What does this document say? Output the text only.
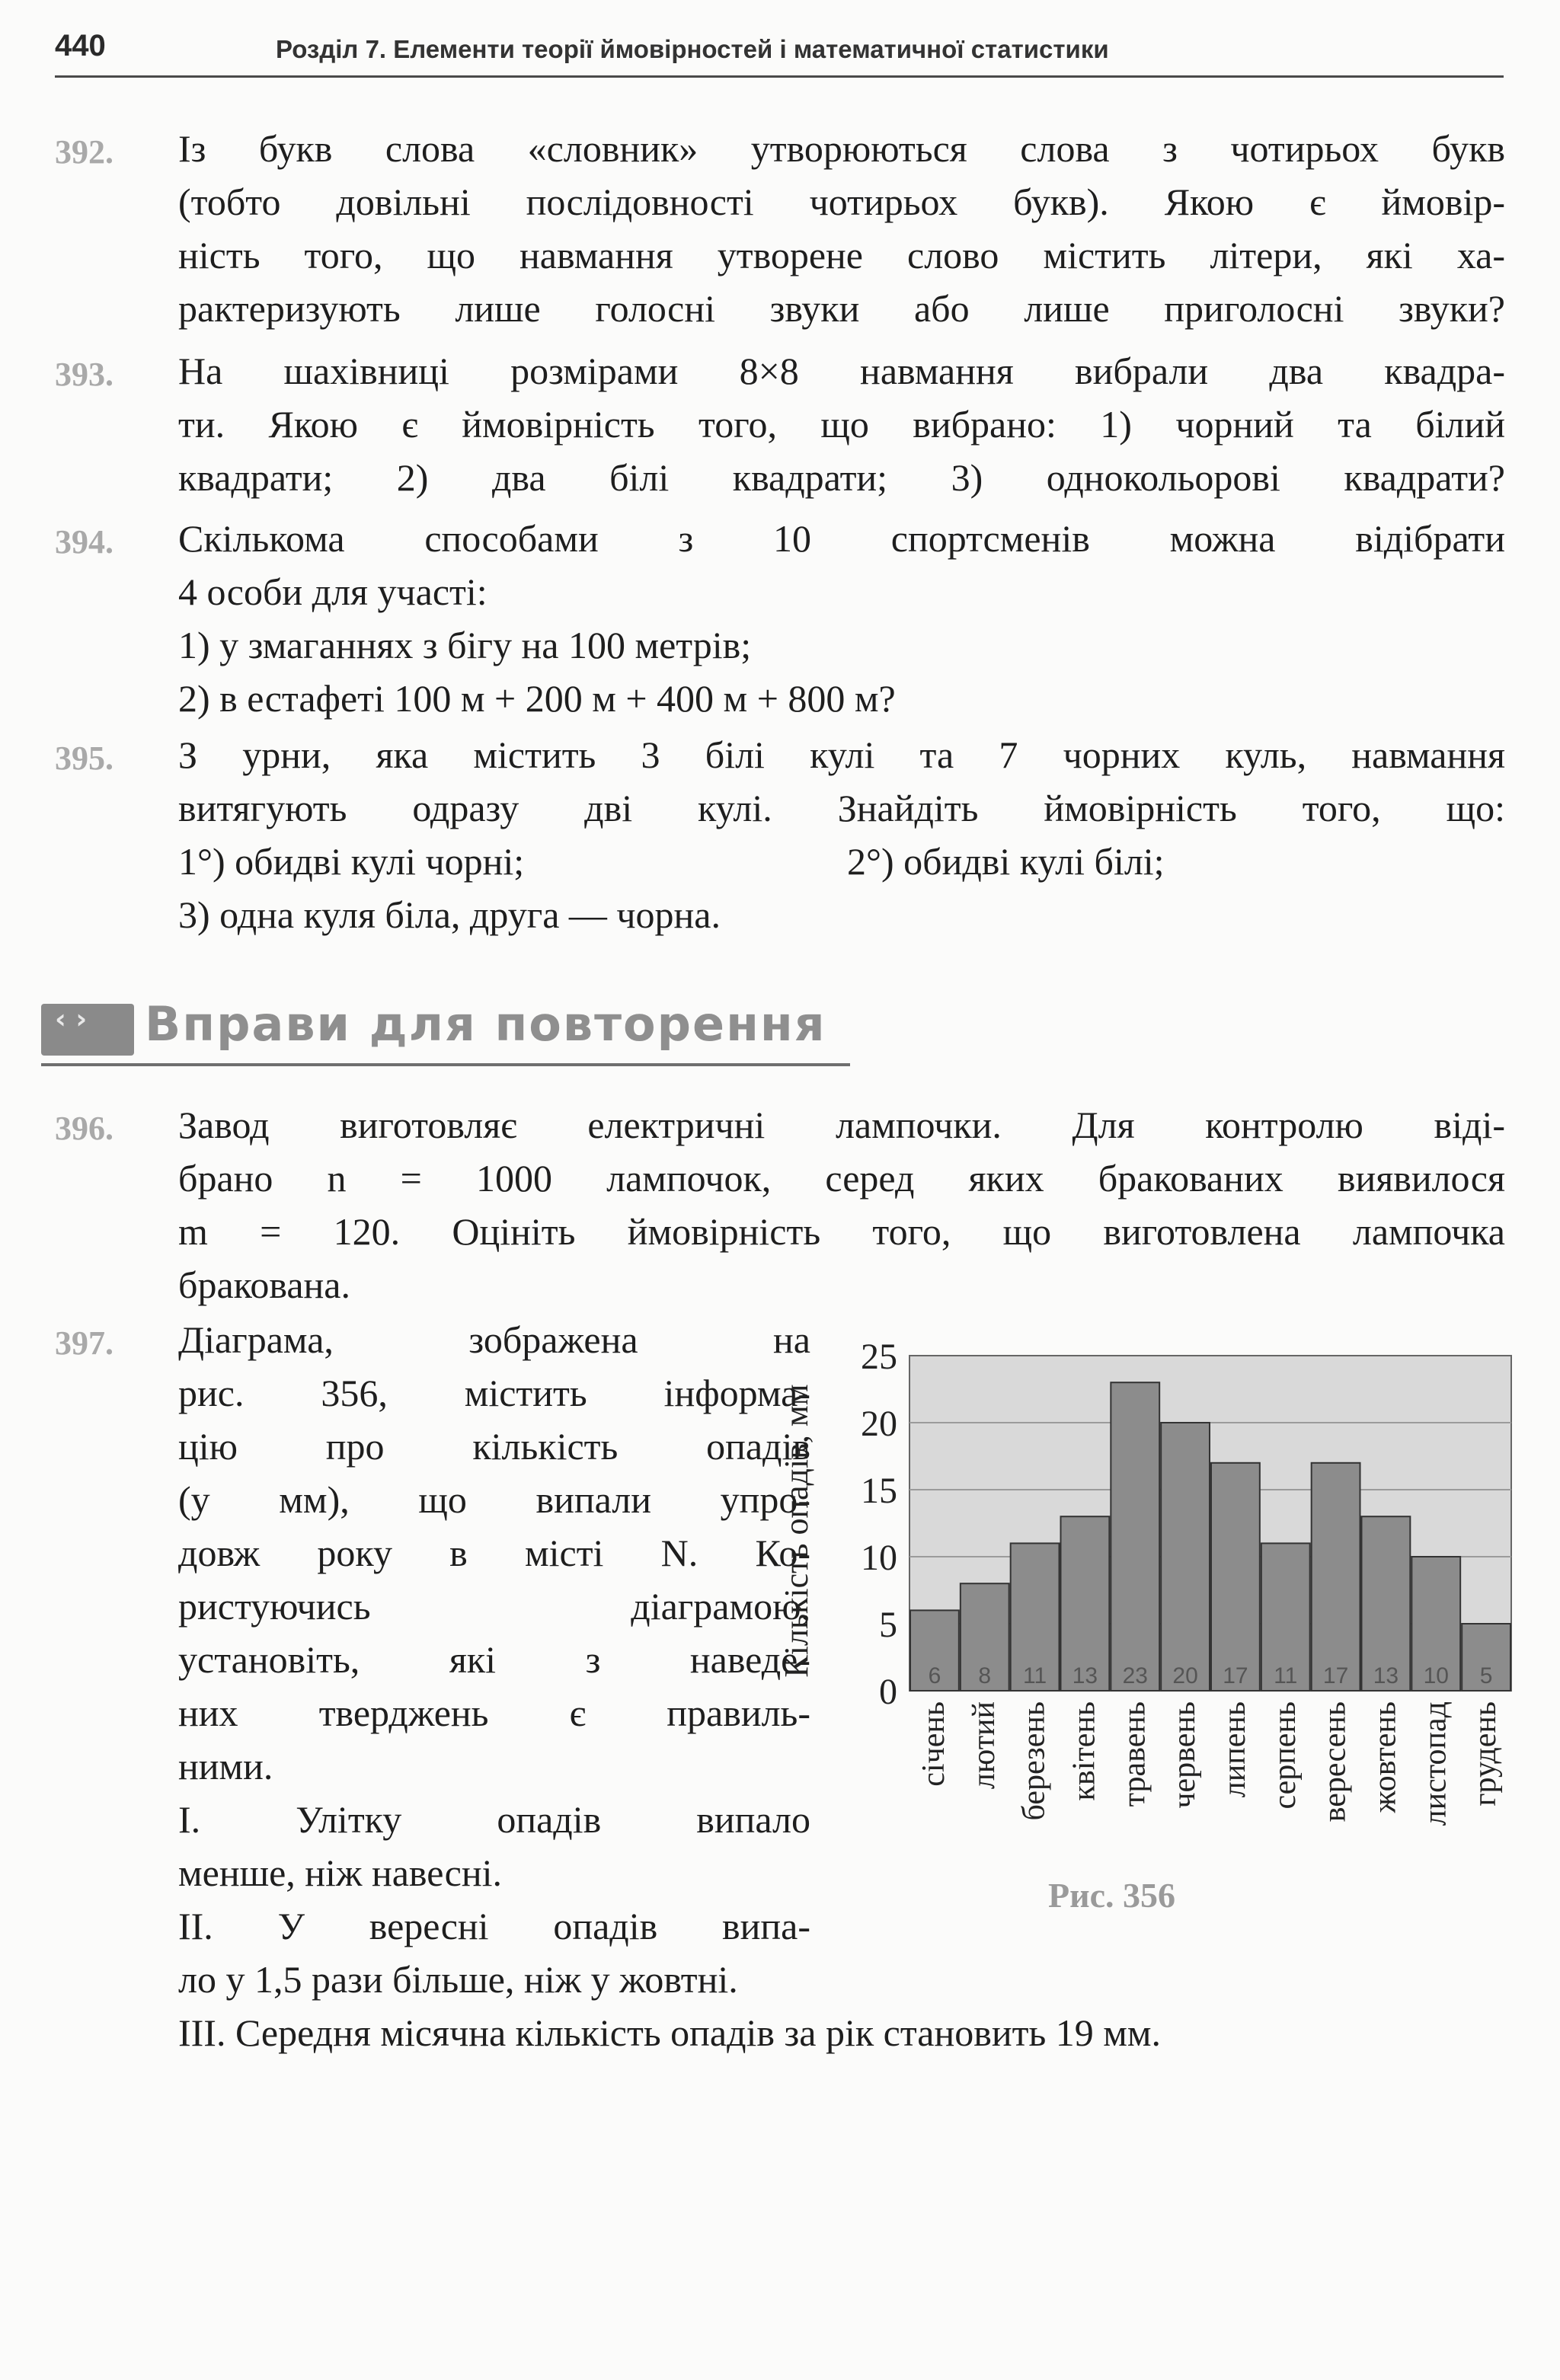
440	Розділ 7. Елементи теорії ймовірностей і математичної статистики
392. Із букв слова «словник» утворюються слова з чотирьох букв
(тобто довільні послідовності чотирьох букв). Якою є ймовір-
ність того, що навмання утворене слово містить літери, які ха-
рактеризують лише голосні звуки або лише приголосні звуки?
393. На шахівниці розмірами 8×8 навмання вибрали два квадра-
ти. Якою є ймовірність того, що вибрано: 1) чорний та білий
квадрати; 2) два білі квадрати; 3) однокольорові квадрати?
394. Скількома способами з 10 спортсменів можна відібрати
4 особи для участі:
1) у змаганнях з бігу на 100 метрів;
2) в естафеті 100 м + 200 м + 400 м + 800 м?
395. З урни, яка містить 3 білі кулі та 7 чорних куль, навмання
витягують одразу дві кулі. Знайдіть ймовірність того, що:
1°) обидві кулі чорні;	2°) обидві кулі білі;
3) одна куля біла, друга — чорна.
‹ › Вправи для повторення
396. Завод виготовляє електричні лампочки. Для контролю віді-
брано n = 1000 лампочок, серед яких бракованих виявилося
m = 120. Оцініть ймовірність того, що виготовлена лампочка
бракована.
397. Діаграма, зображена на
рис. 356, містить інформа-
цію про кількість опадів
(у мм), що випали упро-
довж року в місті N. Ко-
ристуючись діаграмою,
установіть, які з наведе-
них тверджень є правиль-
ними.
I. Улітку опадів випало
менше, ніж навесні.
II. У вересні опадів випа-
ло у 1,5 рази більше, ніж у жовтні.
III. Середня місячна кількість опадів за рік становить 19 мм.
0
5
10
15
20
25
Кількість опадів, мм	6
січень
8
лютий
11
березень
13
квітень
23
травень
20
червень
17
липень
11
серпень
17
вересень
13
жовтень
10
листопад
5
грудень
Рис. 356
